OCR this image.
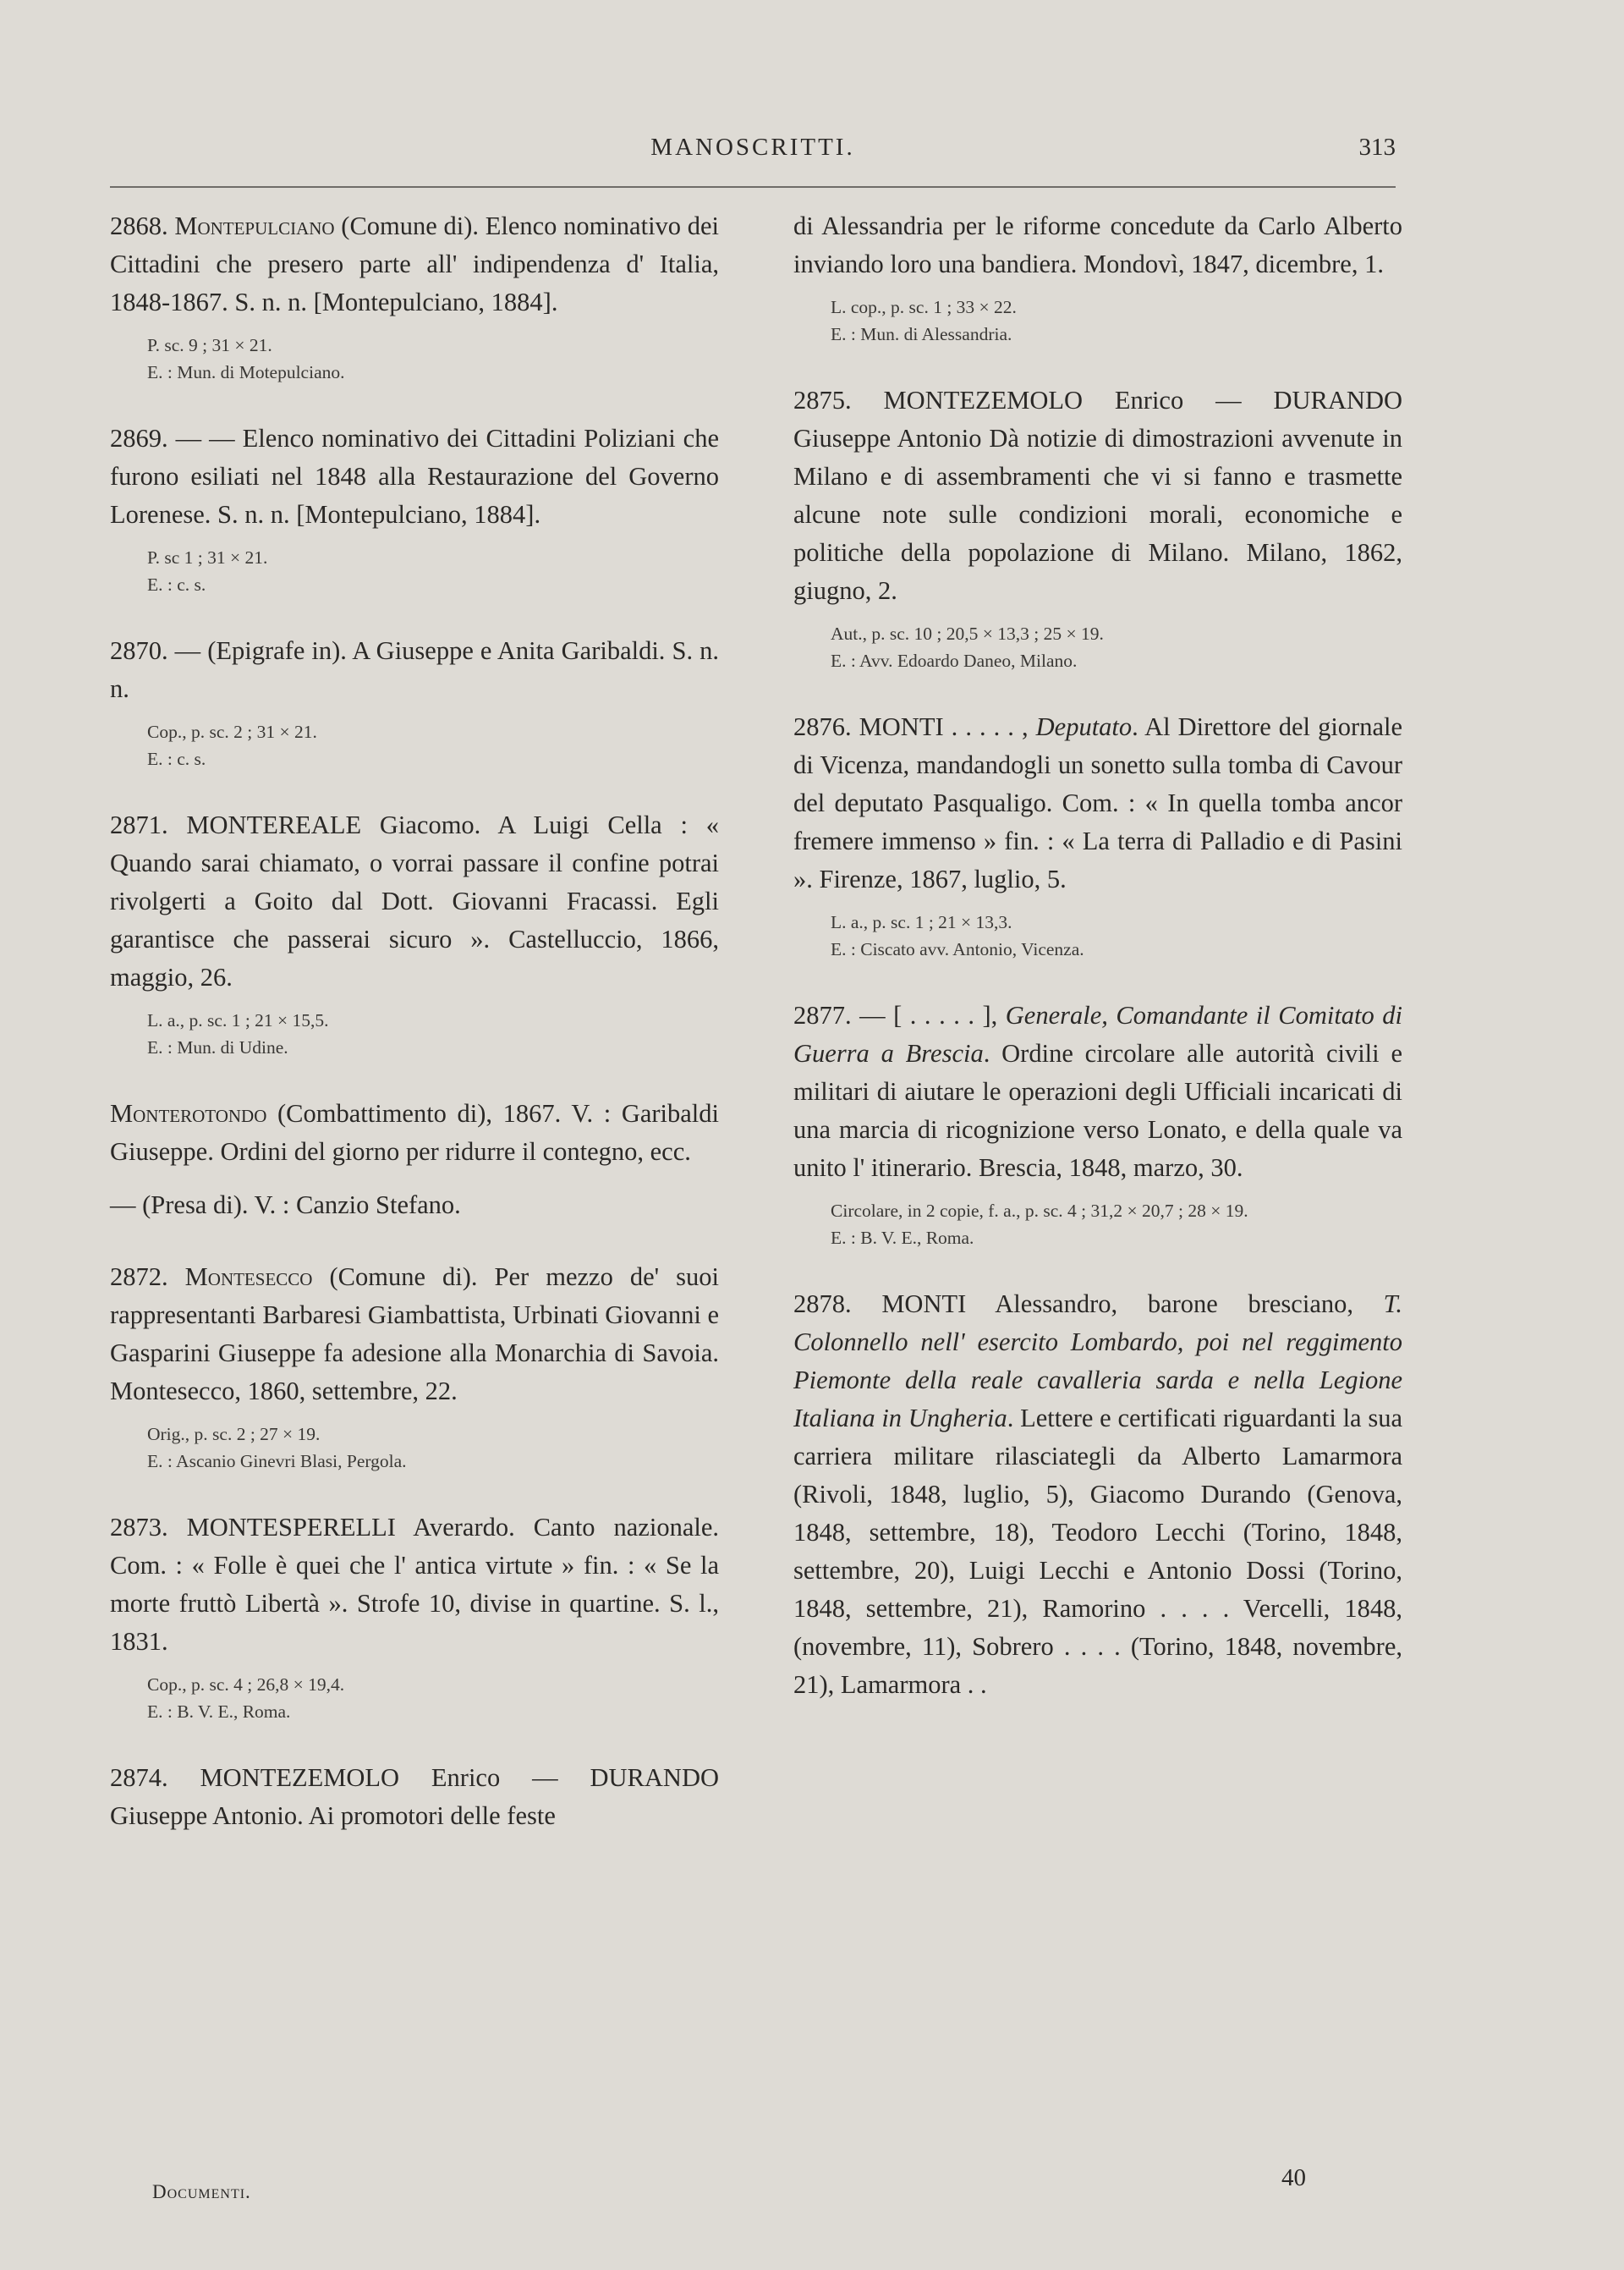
MANOSCRITTI.	313

2868. Montepulciano (Comune di). Elenco nominativo dei Cittadini che presero parte all' indipendenza d' Italia, 1848-1867. S. n. n. [Montepulciano, 1884].

P. sc. 9 ; 31 × 21.
E. : Mun. di Motepulciano.

2869. — — Elenco nominativo dei Cittadini Poliziani che furono esiliati nel 1848 alla Restaurazione del Governo Lorenese. S. n. n. [Montepulciano, 1884].

P. sc 1 ; 31 × 21.
E. : c. s.

2870. — (Epigrafe in). A Giuseppe e Anita Garibaldi. S. n. n.

Cop., p. sc. 2 ; 31 × 21.
E. : c. s.

2871. MONTEREALE Giacomo. A Luigi Cella : « Quando sarai chiamato, o vorrai passare il confine potrai rivolgerti a Goito dal Dott. Giovanni Fracassi. Egli garantisce che passerai sicuro ». Castelluccio, 1866, maggio, 26.

L. a., p. sc. 1 ; 21 × 15,5.
E. : Mun. di Udine.

Monterotondo (Combattimento di), 1867. V. : Garibaldi Giuseppe. Ordini del giorno per ridurre il contegno, ecc.

— (Presa di). V. : Canzio Stefano.

2872. Montesecco (Comune di). Per mezzo de' suoi rappresentanti Barbaresi Giambattista, Urbinati Giovanni e Gasparini Giuseppe fa adesione alla Monarchia di Savoia. Montesecco, 1860, settembre, 22.

Orig., p. sc. 2 ; 27 × 19.
E. : Ascanio Ginevri Blasi, Pergola.

2873. MONTESPERELLI Averardo. Canto nazionale. Com. : « Folle è quei che l' antica virtute » fin. : « Se la morte fruttò Libertà ». Strofe 10, divise in quartine. S. l., 1831.

Cop., p. sc. 4 ; 26,8 × 19,4.
E. : B. V. E., Roma.

2874. MONTEZEMOLO Enrico — DURANDO Giuseppe Antonio. Ai promotori delle feste

di Alessandria per le riforme concedute da Carlo Alberto inviando loro una bandiera. Mondovì, 1847, dicembre, 1.

L. cop., p. sc. 1 ; 33 × 22.
E. : Mun. di Alessandria.

2875. MONTEZEMOLO Enrico — DURANDO Giuseppe Antonio Dà notizie di dimostrazioni avvenute in Milano e di assembramenti che vi si fanno e trasmette alcune note sulle condizioni morali, economiche e politiche della popolazione di Milano. Milano, 1862, giugno, 2.

Aut., p. sc. 10 ; 20,5 × 13,3 ; 25 × 19.
E. : Avv. Edoardo Daneo, Milano.

2876. MONTI . . . . . , Deputato. Al Direttore del giornale di Vicenza, mandandogli un sonetto sulla tomba di Cavour del deputato Pasqualigo. Com. : « In quella tomba ancor fremere immenso » fin. : « La terra di Palladio e di Pasini ». Firenze, 1867, luglio, 5.

L. a., p. sc. 1 ; 21 × 13,3.
E. : Ciscato avv. Antonio, Vicenza.

2877. — [ . . . . . ], Generale, Comandante il Comitato di Guerra a Brescia. Ordine circolare alle autorità civili e militari di aiutare le operazioni degli Ufficiali incaricati di una marcia di ricognizione verso Lonato, e della quale va unito l' itinerario. Brescia, 1848, marzo, 30.

Circolare, in 2 copie, f. a., p. sc. 4 ; 31,2 × 20,7 ; 28 × 19.
E. : B. V. E., Roma.

2878. MONTI Alessandro, barone bresciano, T. Colonnello nell' esercito Lombardo, poi nel reggimento Piemonte della reale cavalleria sarda e nella Legione Italiana in Ungheria. Lettere e certificati riguardanti la sua carriera militare rilasciategli da Alberto Lamarmora (Rivoli, 1848, luglio, 5), Giacomo Durando (Genova, 1848, settembre, 18), Teodoro Lecchi (Torino, 1848, settembre, 20), Luigi Lecchi e Antonio Dossi (Torino, 1848, settembre, 21), Ramorino . . . . Vercelli, 1848, (novembre, 11), Sobrero . . . . (Torino, 1848, novembre, 21), Lamarmora . .

Documenti.
40
